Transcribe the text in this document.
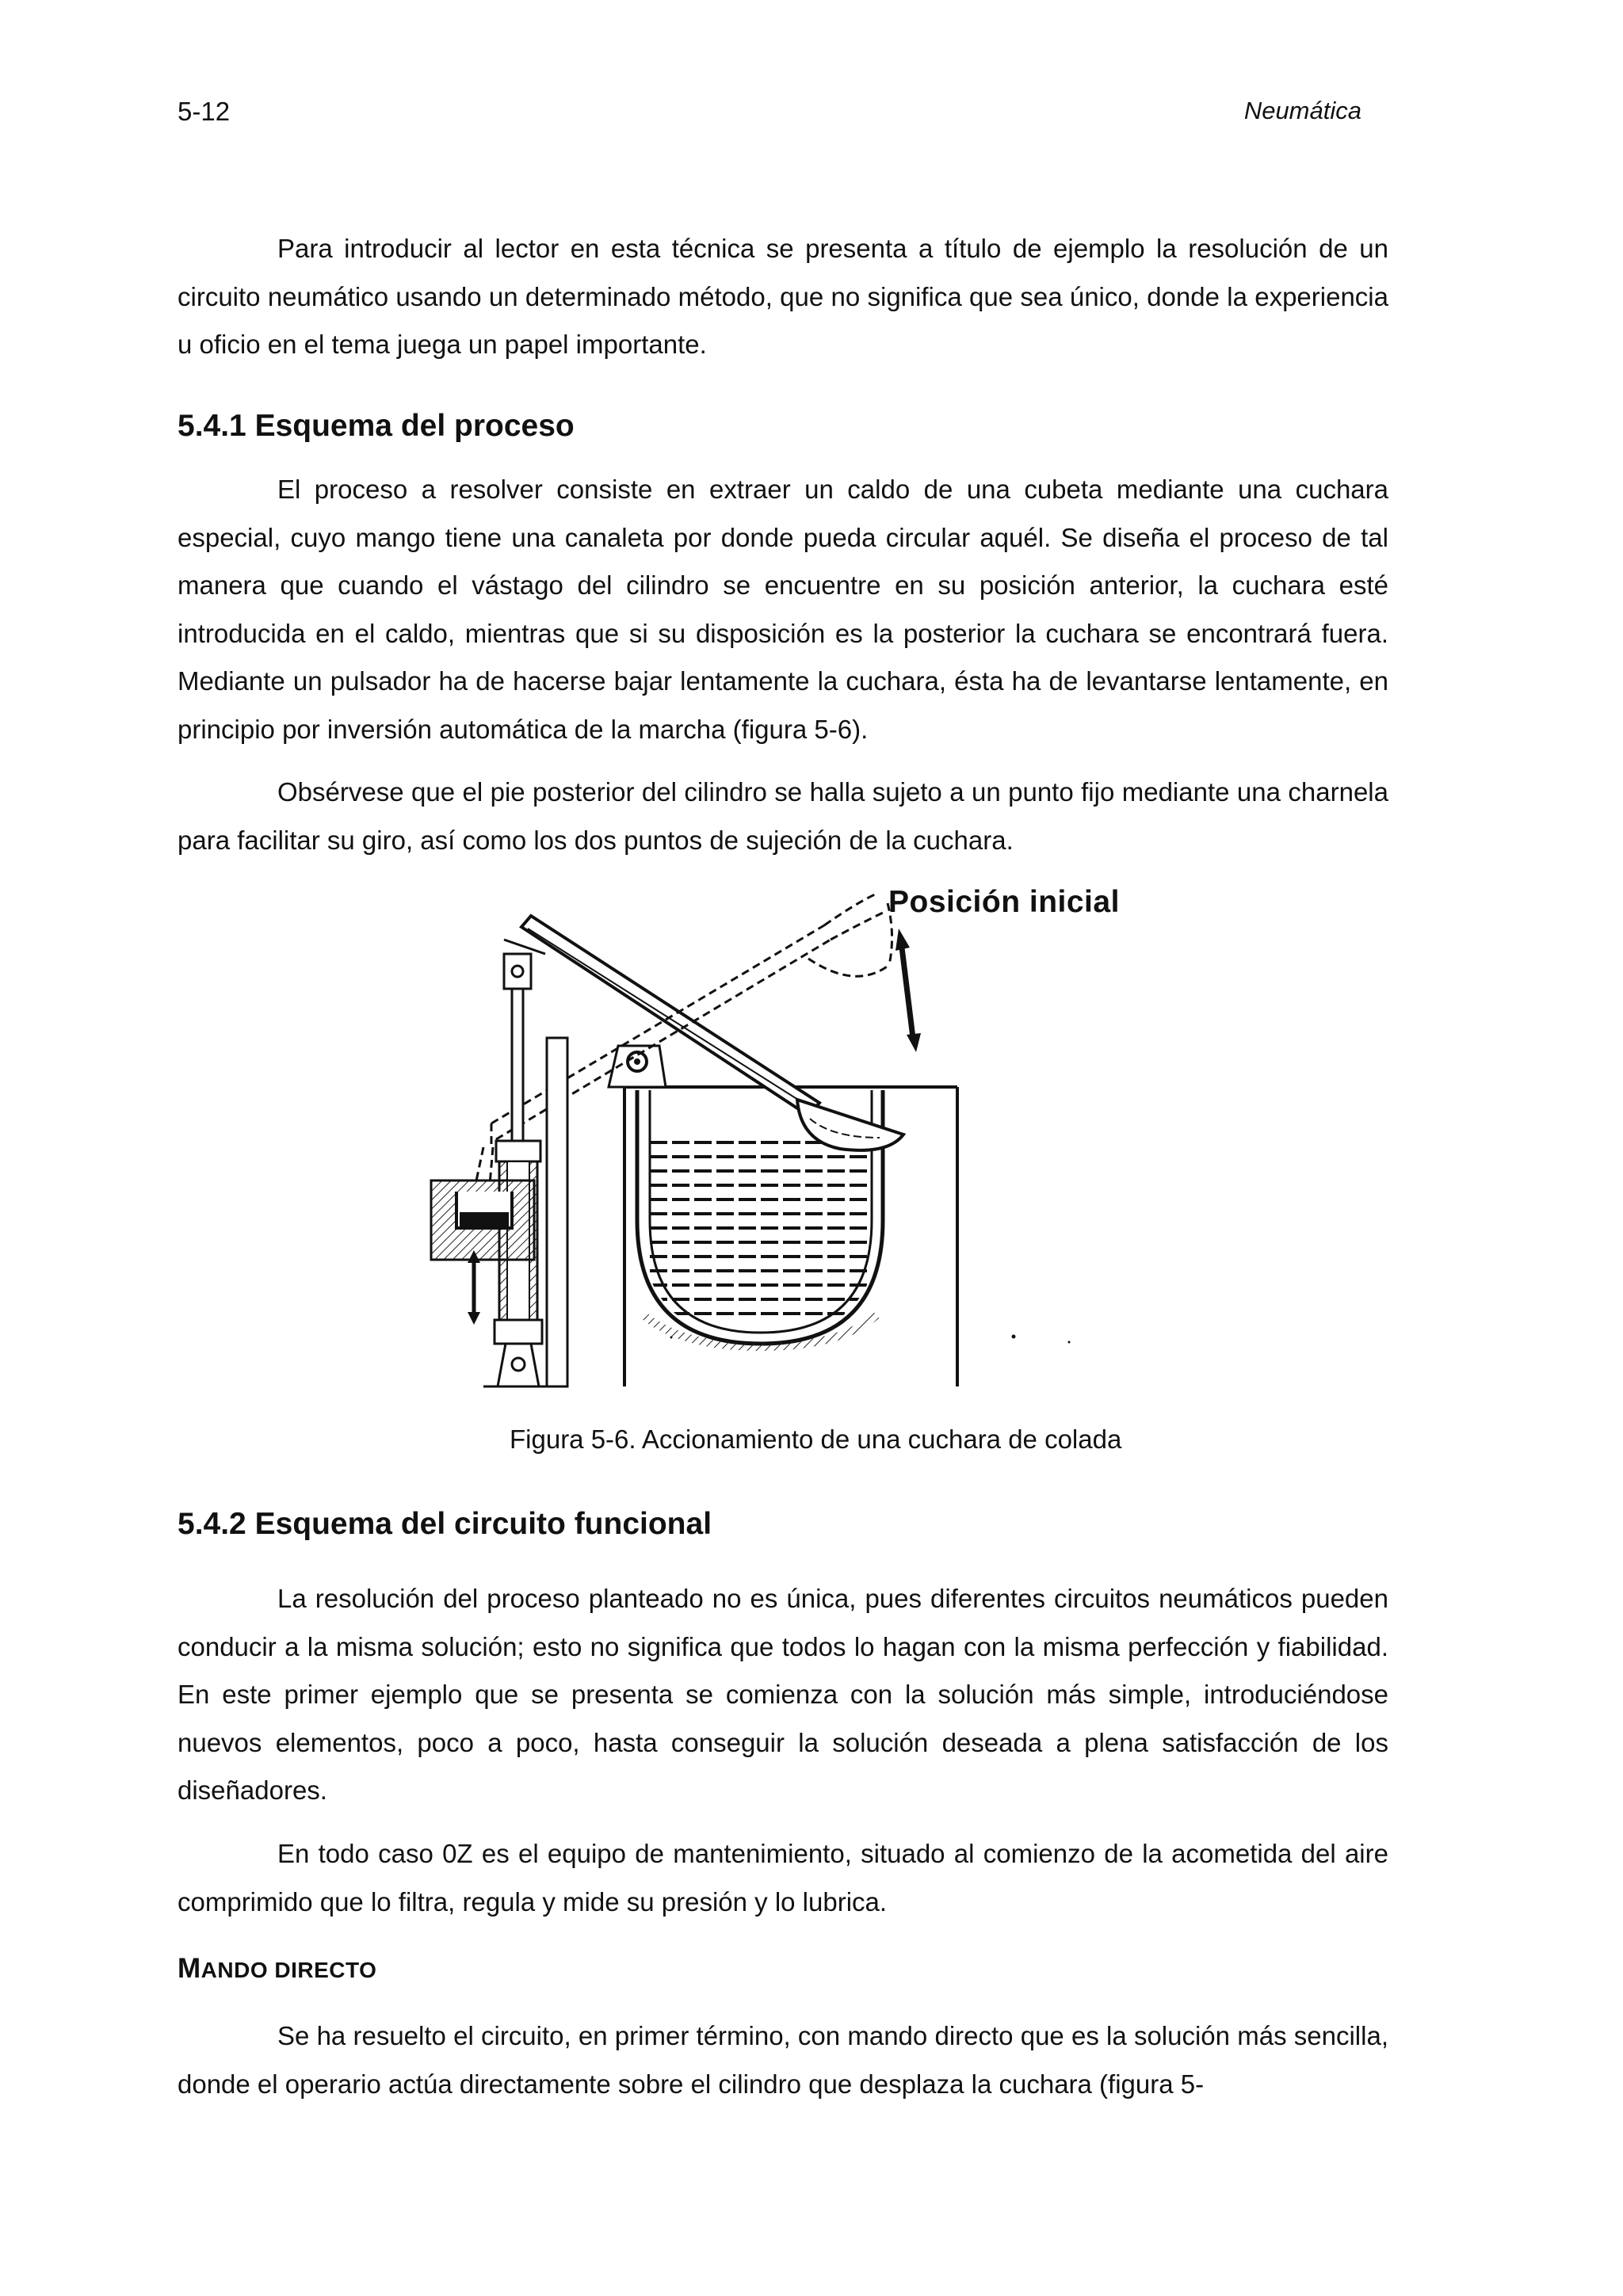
5-12	Neumática

Para introducir al lector en esta técnica se presenta a título de ejemplo la resolución de un circuito neumático usando un determinado método, que no significa que sea único, donde la experiencia u oficio en el tema juega un papel importante.

5.4.1 Esquema del proceso

El proceso a resolver consiste en extraer un caldo de una cubeta mediante una cuchara especial, cuyo mango tiene una canaleta por donde pueda circular aquél. Se diseña el proceso de tal manera que cuando el vástago del cilindro se encuentre en su posición anterior, la cuchara esté introducida en el caldo, mientras que si su disposición es la posterior la cuchara se encontrará fuera. Mediante un pulsador ha de hacerse bajar lentamente la cuchara, ésta ha de levantarse lentamente, en principio por inversión automática de la marcha (figura 5-6).

Obsérvese que el pie posterior del cilindro se halla sujeto a un punto fijo mediante una charnela para facilitar su giro, así como los dos puntos de sujeción de la cuchara.

Posición inicial
Figura 5-6. Accionamiento de una cuchara de colada
5.4.2 Esquema del circuito funcional

La resolución del proceso planteado no es única, pues diferentes circuitos neumáticos pueden conducir a la misma solución; esto no significa que todos lo hagan con la misma perfección y fiabilidad. En este primer ejemplo que se presenta se comienza con la solución más simple, introduciéndose nuevos elementos, poco a poco, hasta conseguir la solución deseada a plena satisfacción de los diseñadores.

En todo caso 0Z es el equipo de mantenimiento, situado al comienzo de la acometida del aire comprimido que lo filtra, regula y mide su presión y lo lubrica.

MANDO DIRECTO

Se ha resuelto el circuito, en primer término, con mando directo que es la solución más sencilla, donde el operario actúa directamente sobre el cilindro que desplaza la cuchara (figura 5-
